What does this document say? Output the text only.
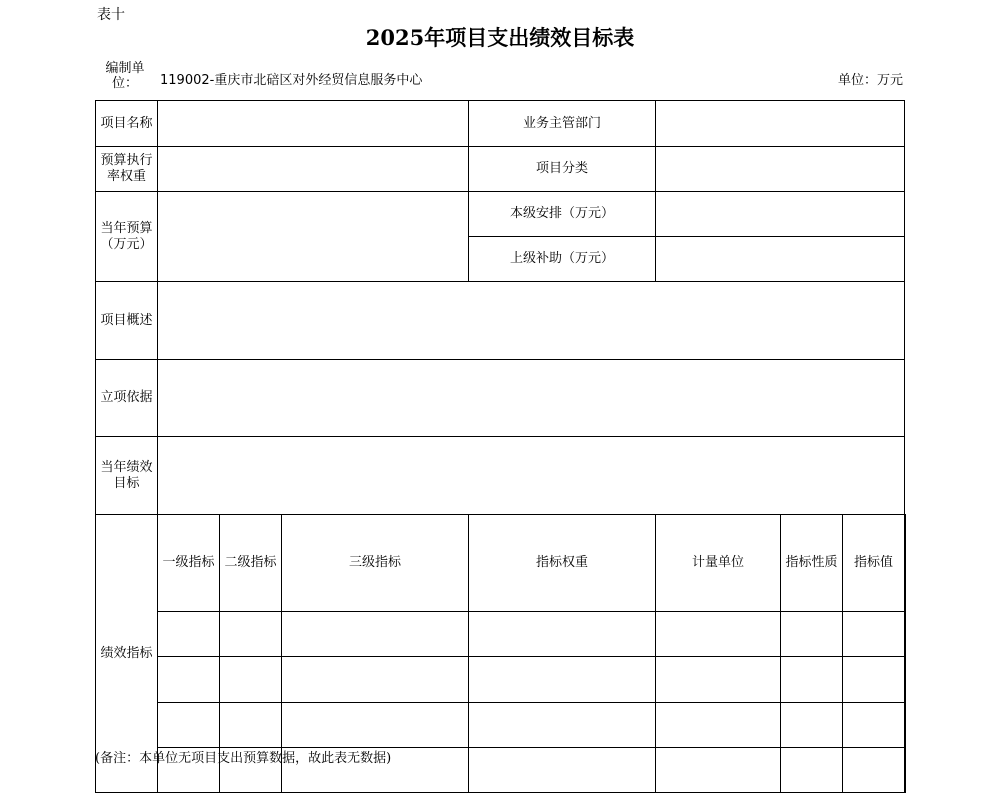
表十
2025年项目支出绩效目标表
编制单位：	119002-重庆市北碚区对外经贸信息服务中心	单位：万元
项目名称				业务主管部门				
预算执行率权重				项目分类				
当年预算（万元）				本级安排（万元）				
				上级补助（万元）				
项目概述								
立项依据								
当年绩效目标								
绩效指标	一级指标	二级指标	三级指标	指标权重	计量单位	指标性质	指标值	

(备注：本单位无项目支出预算数据，故此表无数据)
